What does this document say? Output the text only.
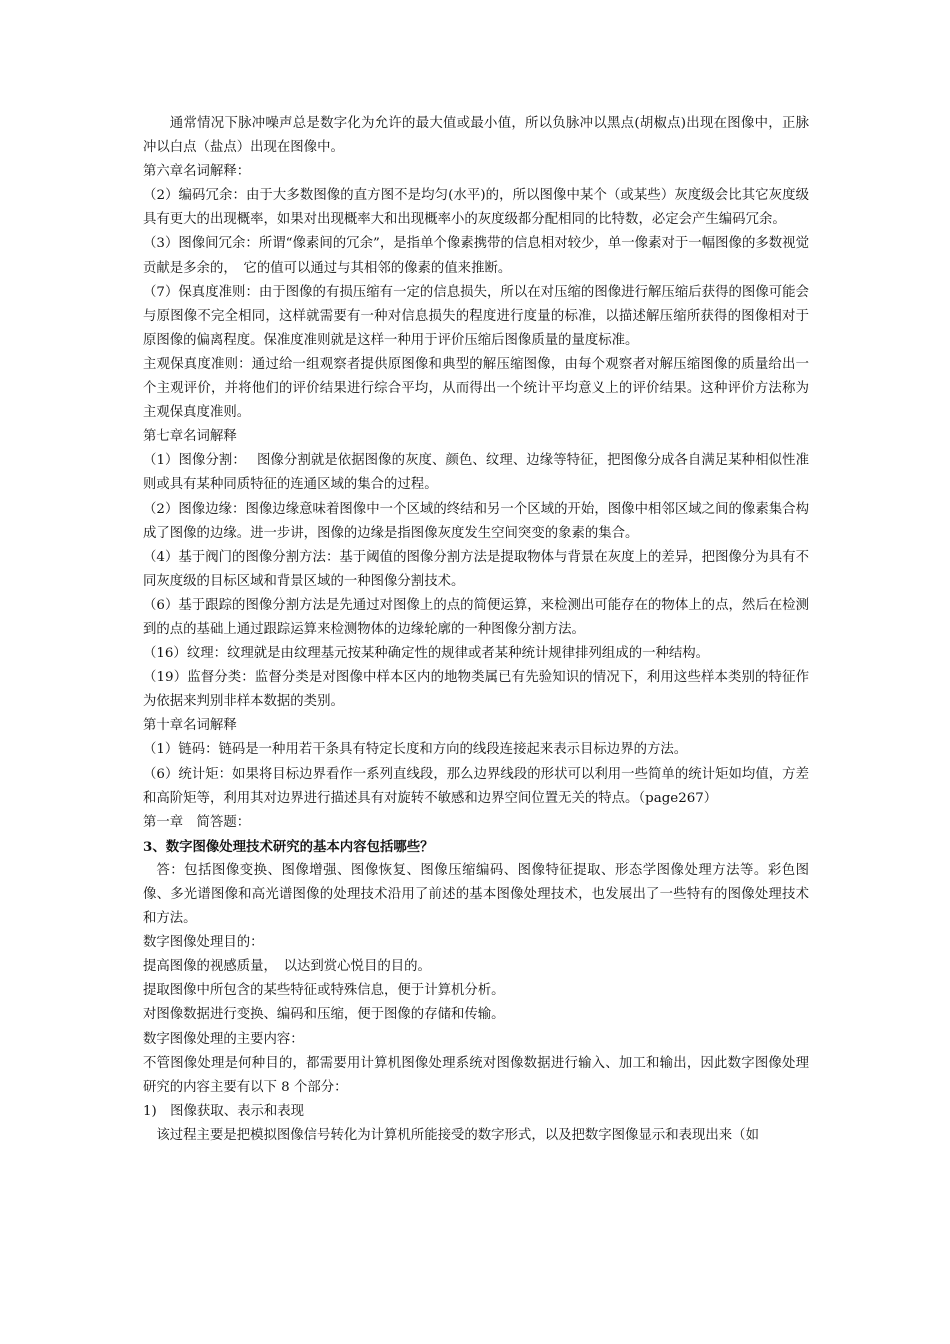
通常情况下脉冲噪声总是数字化为允许的最大值或最小值，所以负脉冲以黑点(胡椒点)出现在图像中，正脉冲以白点（盐点）出现在图像中。

第六章名词解释：

（2）编码冗余：由于大多数图像的直方图不是均匀(水平)的，所以图像中某个（或某些）灰度级会比其它灰度级具有更大的出现概率，如果对出现概率大和出现概率小的灰度级都分配相同的比特数，必定会产生编码冗余。

（3）图像间冗余：所谓“像素间的冗余”，是指单个像素携带的信息相对较少，单一像素对于一幅图像的多数视觉贡献是多余的，　它的值可以通过与其相邻的像素的值来推断。

（7）保真度准则：由于图像的有损压缩有一定的信息损失，所以在对压缩的图像进行解压缩后获得的图像可能会与原图像不完全相同，这样就需要有一种对信息损失的程度进行度量的标准，以描述解压缩所获得的图像相对于原图像的偏离程度。保准度准则就是这样一种用于评价压缩后图像质量的量度标准。

主观保真度准则：通过给一组观察者提供原图像和典型的解压缩图像，由每个观察者对解压缩图像的质量给出一个主观评价，并将他们的评价结果进行综合平均，从而得出一个统计平均意义上的评价结果。这种评价方法称为主观保真度准则。

第七章名词解释

（1）图像分割：　 图像分割就是依据图像的灰度、颜色、纹理、边缘等特征，把图像分成各自满足某种相似性准则或具有某种同质特征的连通区域的集合的过程。

（2）图像边缘：图像边缘意味着图像中一个区域的终结和另一个区域的开始，图像中相邻区域之间的像素集合构成了图像的边缘。进一步讲，图像的边缘是指图像灰度发生空间突变的象素的集合。

（4）基于阀门的图像分割方法：基于阈值的图像分割方法是提取物体与背景在灰度上的差异，把图像分为具有不同灰度级的目标区域和背景区域的一种图像分割技术。

（6）基于跟踪的图像分割方法是先通过对图像上的点的简便运算，来检测出可能存在的物体上的点，然后在检测到的点的基础上通过跟踪运算来检测物体的边缘轮廓的一种图像分割方法。

（16）纹理：纹理就是由纹理基元按某种确定性的规律或者某种统计规律排列组成的一种结构。

（19）监督分类：监督分类是对图像中样本区内的地物类属已有先验知识的情况下，利用这些样本类别的特征作为依据来判别非样本数据的类别。

第十章名词解释

（1）链码：链码是一种用若干条具有特定长度和方向的线段连接起来表示目标边界的方法。

（6）统计矩：如果将目标边界看作一系列直线段，那么边界线段的形状可以利用一些简单的统计矩如均值，方差和高阶矩等，利用其对边界进行描述具有对旋转不敏感和边界空间位置无关的特点。（page267）

第一章　简答题：

3、数字图像处理技术研究的基本内容包括哪些？

答：包括图像变换、图像增强、图像恢复、图像压缩编码、图像特征提取、形态学图像处理方法等。彩色图像、多光谱图像和高光谱图像的处理技术沿用了前述的基本图像处理技术，也发展出了一些特有的图像处理技术和方法。

数字图像处理目的：

提高图像的视感质量，　以达到赏心悦目的目的。

提取图像中所包含的某些特征或特殊信息，便于计算机分析。

对图像数据进行变换、编码和压缩，便于图像的存储和传输。

数字图像处理的主要内容：

不管图像处理是何种目的，都需要用计算机图像处理系统对图像数据进行输入、加工和输出，因此数字图像处理研究的内容主要有以下 8 个部分：

1)　图像获取、表示和表现

该过程主要是把模拟图像信号转化为计算机所能接受的数字形式，以及把数字图像显示和表现出来（如
